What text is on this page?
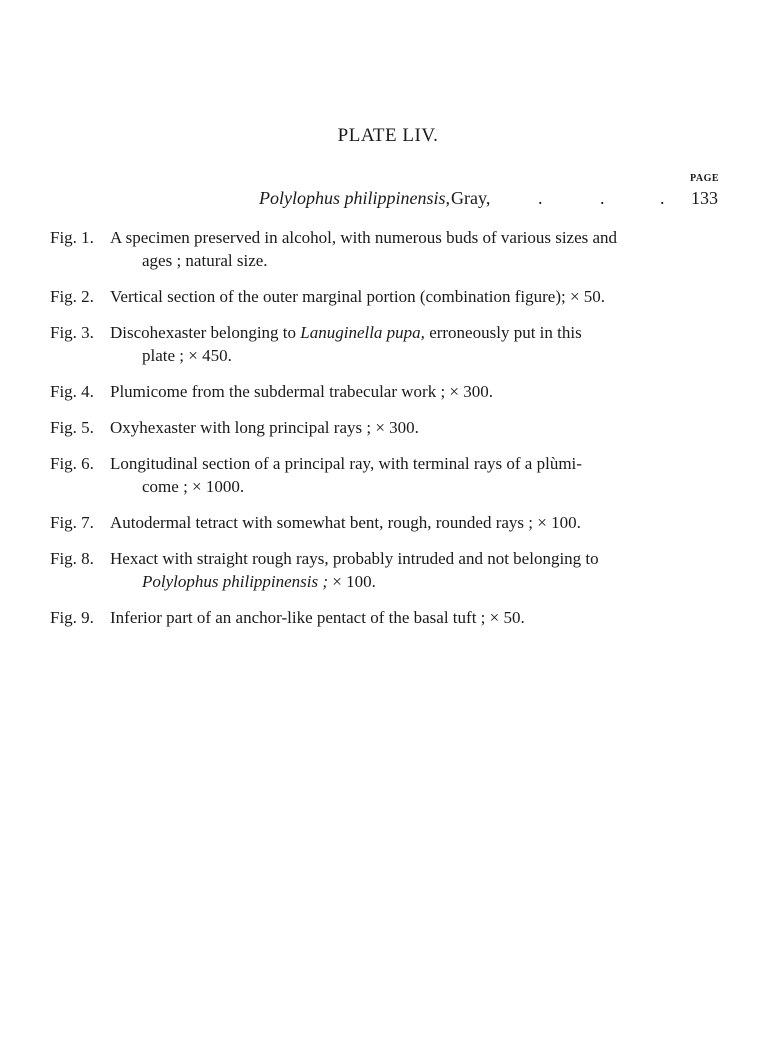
PLATE LIV.
PAGE
Polylophus philippinensis, Gray,	.	.	. 133
Fig. 1. A specimen preserved in alcohol, with numerous buds of various sizes and
ages ; natural size.
Fig. 2. Vertical section of the outer marginal portion (combination figure); × 50.
Fig. 3. Discohexaster belonging to Lanuginella pupa, erroneously put in this
plate ; × 450.
Fig. 4. Plumicome from the subdermal trabecular work ; × 300.
Fig. 5. Oxyhexaster with long principal rays ; × 300.
Fig. 6. Longitudinal section of a principal ray, with terminal rays of a plùmi-
come ; × 1000.
Fig. 7. Autodermal tetract with somewhat bent, rough, rounded rays ; × 100.
Fig. 8. Hexact with straight rough rays, probably intruded and not belonging to
Polylophus philippinensis ; × 100.
Fig. 9. Inferior part of an anchor-like pentact of the basal tuft ; × 50.
